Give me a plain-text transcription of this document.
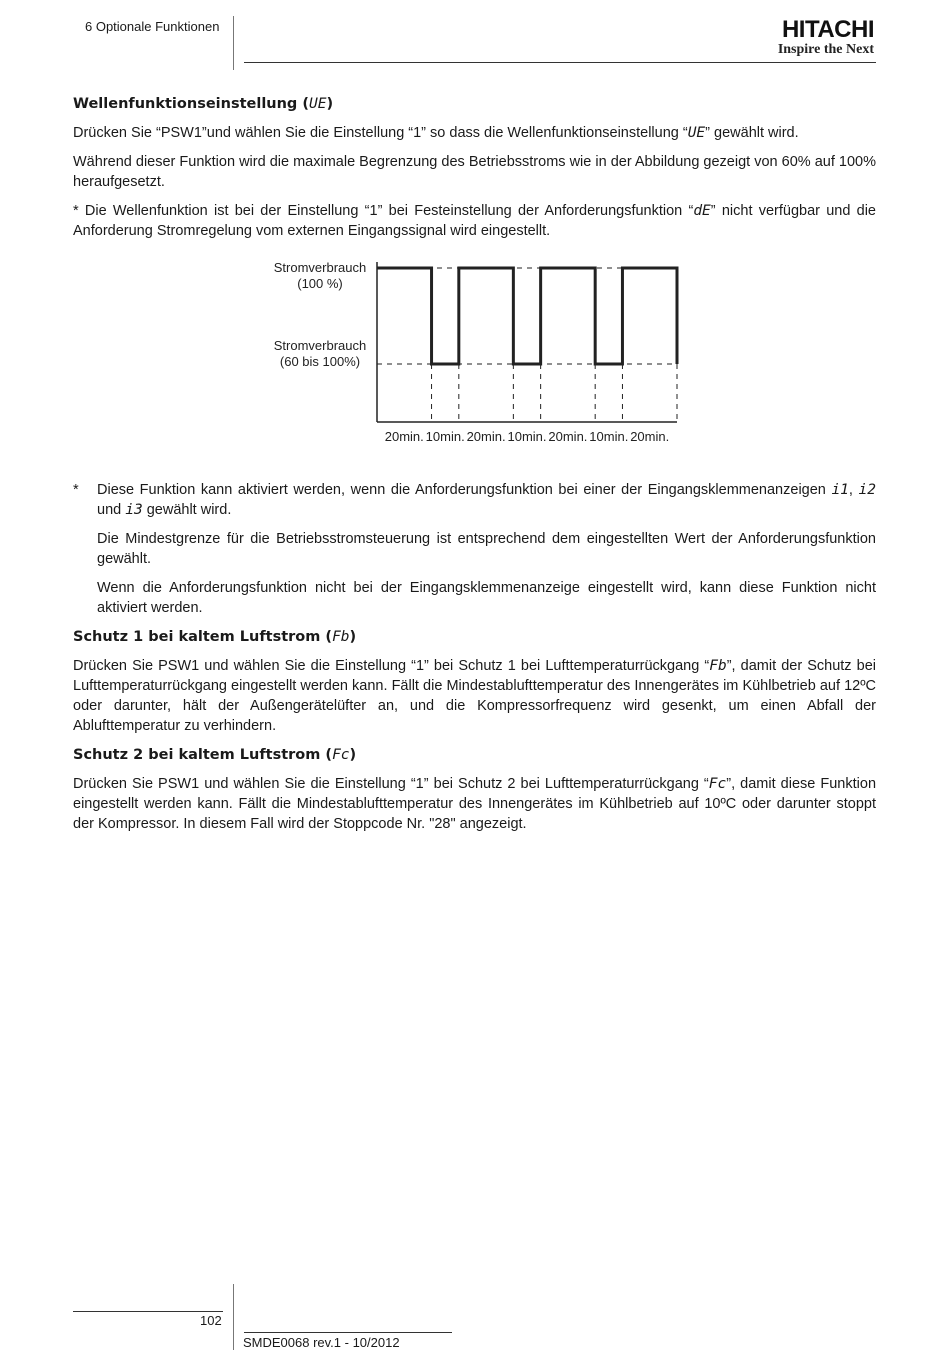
6 Optionale Funktionen	HITACHI
Inspire the Next
Wellenfunktionseinstellung (UE)

Drücken Sie “PSW1”und wählen Sie die Einstellung “1” so dass die Wellenfunktionseinstellung “UE” gewählt wird.

Während dieser Funktion wird die maximale Begrenzung des Betriebsstroms wie in der Abbildung gezeigt von 60% auf 100% heraufgesetzt.

* Die Wellenfunktion ist bei der Einstellung “1” bei Festeinstellung der Anforderungsfunktion “dE” nicht verfügbar und die Anforderung Stromregelung vom externen Eingangssignal wird eingestellt.

Stromverbrauch
(100 %)
Stromverbrauch
(60 bis 100%)
20min. 10min. 20min. 10min. 20min. 10min. 20min.
*	Diese Funktion kann aktiviert werden, wenn die Anforderungsfunktion bei einer der Eingangsklemmenanzeigen i1, i2 und i3 gewählt wird.

Die Mindestgrenze für die Betriebsstromsteuerung ist entsprechend dem eingestellten Wert der Anforderungsfunktion gewählt.

Wenn die Anforderungsfunktion nicht bei der Eingangsklemmenanzeige eingestellt wird, kann diese Funktion nicht aktiviert werden.

Schutz 1 bei kaltem Luftstrom (Fb)

Drücken Sie PSW1 und wählen Sie die Einstellung “1” bei Schutz 1 bei Lufttemperaturrückgang “Fb”, damit der Schutz bei Lufttemperaturrückgang eingestellt werden kann. Fällt die Mindestablufttemperatur des Innengerätes im Kühlbetrieb auf 12ºC oder darunter, hält der Außengerätelüfter an, und die Kompressorfrequenz wird gesenkt, um einen Abfall der Ablufttemperatur zu verhindern.

Schutz 2 bei kaltem Luftstrom (Fc)

Drücken Sie PSW1 und wählen Sie die Einstellung “1” bei Schutz 2 bei Lufttemperaturrückgang “Fc”, damit diese Funktion eingestellt werden kann. Fällt die Mindestablufttemperatur des Innengerätes im Kühlbetrieb auf 10ºC oder darunter stoppt der Kompressor. In diesem Fall wird der Stoppcode Nr. "28" angezeigt.

102
SMDE0068 rev.1 - 10/2012
